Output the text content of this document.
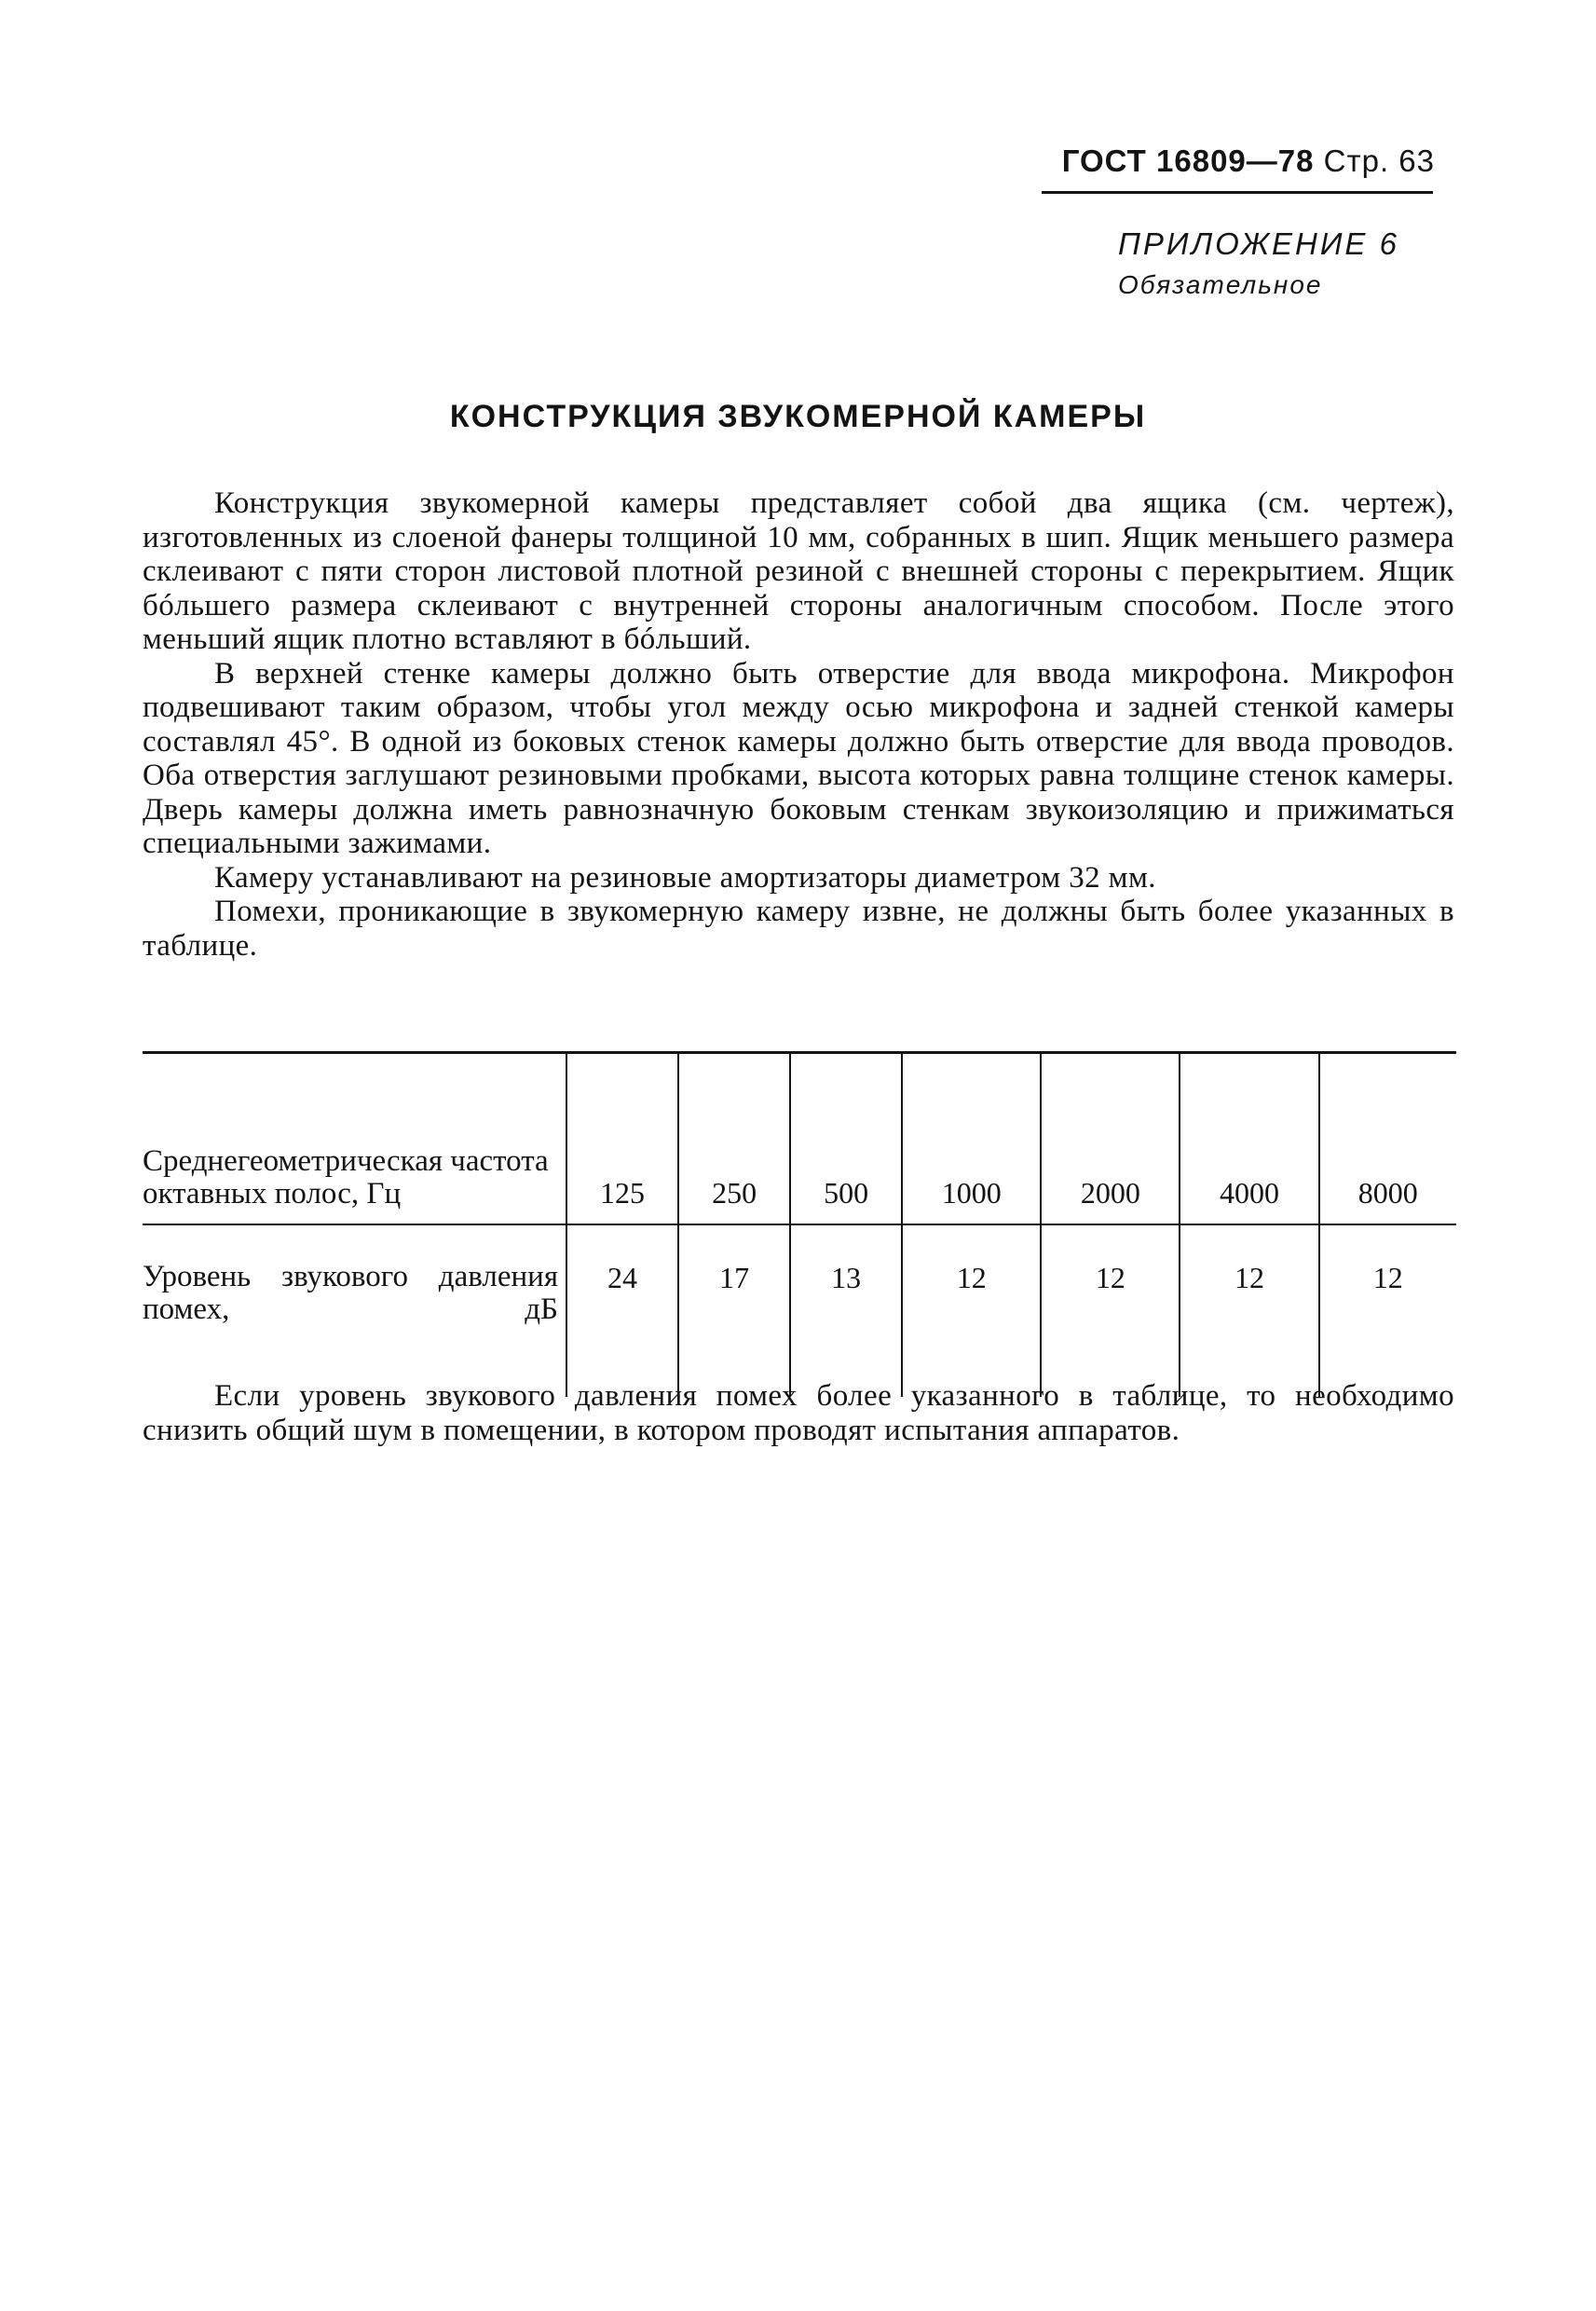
ГОСТ 16809—78 Стр. 63
ПРИЛОЖЕНИЕ 6
Обязательное
КОНСТРУКЦИЯ ЗВУКОМЕРНОЙ КАМЕРЫ

Конструкция звукомерной камеры представляет собой два ящика (см. чертеж), изготовленных из слоеной фанеры толщиной 10 мм, собранных в шип. Ящик меньшего размера склеивают с пяти сторон листовой плотной резиной с внешней стороны с перекрытием. Ящик бóльшего размера склеивают с внутренней стороны аналогичным способом. После этого меньший ящик плотно вставляют в бóльший.

В верхней стенке камеры должно быть отверстие для ввода микрофона. Микрофон подвешивают таким образом, чтобы угол между осью микрофона и задней стенкой камеры составлял 45°. В одной из боковых стенок камеры должно быть отверстие для ввода проводов. Оба отверстия заглушают резиновыми пробками, высота которых равна толщине стенок камеры. Дверь камеры должна иметь равнозначную боковым стенкам звукоизоляцию и прижиматься специальными зажимами.

Камеру устанавливают на резиновые амортизаторы диаметром 32 мм.

Помехи, проникающие в звукомерную камеру извне, не должны быть более указанных в таблице.

Среднегеометрическая частота октавных полос, Гц	125	250	500	1000	2000	4000	8000
Уровень звукового давления помех, дБ	24	17	13	12	12	12	12

Если уровень звукового давления помех более указанного в таблице, то необходимо снизить общий шум в помещении, в котором проводят испытания аппаратов.
